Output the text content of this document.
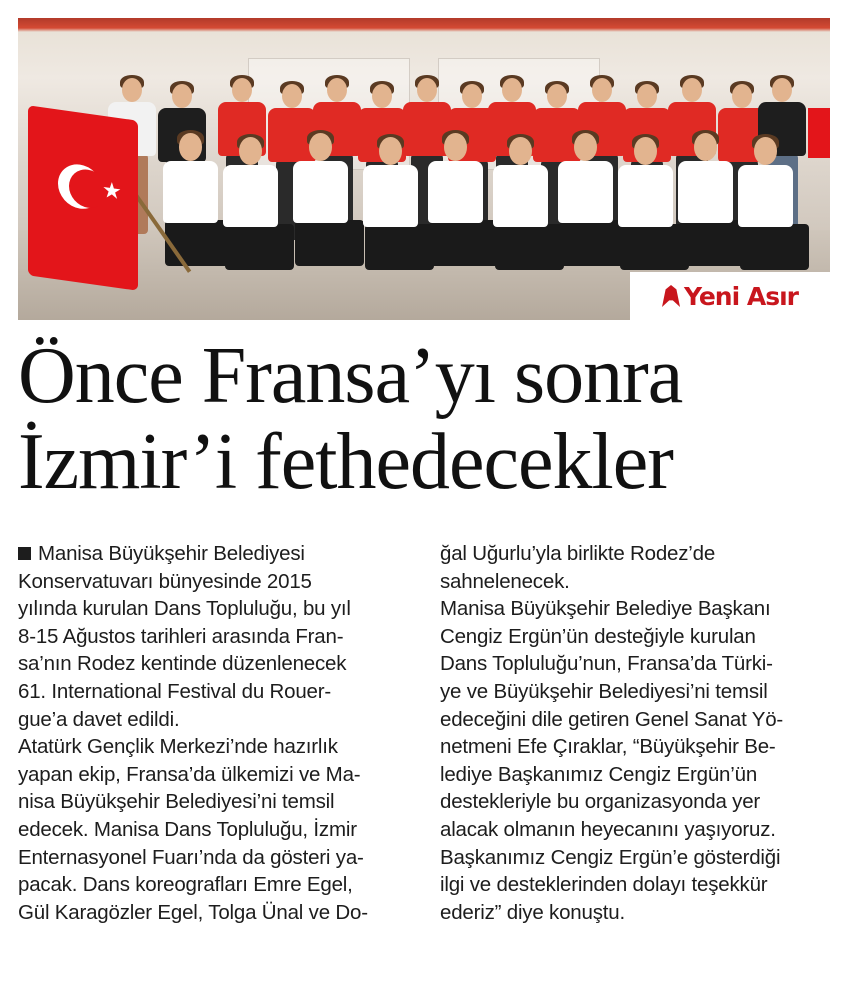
★
Yeni Asır
Önce Fransa’yı sonra
İzmir’i fethedecekler

Manisa Büyükşehir Belediyesi

Konservatuvarı bünyesinde 2015

yılında kurulan Dans Topluluğu, bu yıl

8-15 Ağustos tarihleri arasında Fran-

sa’nın Rodez kentinde düzenlenecek

61. International Festival du Rouer-

gue’a davet edildi.

Atatürk Gençlik Merkezi’nde hazırlık

yapan ekip, Fransa’da ülkemizi ve Ma-

nisa Büyükşehir Belediyesi’ni temsil

edecek. Manisa Dans Topluluğu, İzmir

Enternasyonel Fuarı’nda da gösteri ya-

pacak. Dans koreografları Emre Egel,

Gül Karagözler Egel, Tolga Ünal ve Do-

ğal Uğurlu’yla birlikte Rodez’de

sahnelenecek.

Manisa Büyükşehir Belediye Başkanı

Cengiz Ergün’ün desteğiyle kurulan

Dans Topluluğu’nun, Fransa’da Türki-

ye ve Büyükşehir Belediyesi’ni temsil

edeceğini dile getiren Genel Sanat Yö-

netmeni Efe Çıraklar, “Büyükşehir Be-

lediye Başkanımız Cengiz Ergün’ün

destekleriyle bu organizasyonda yer

alacak olmanın heyecanını yaşıyoruz.

Başkanımız Cengiz Ergün’e gösterdiği

ilgi ve desteklerinden dolayı teşekkür

ederiz” diye konuştu.
